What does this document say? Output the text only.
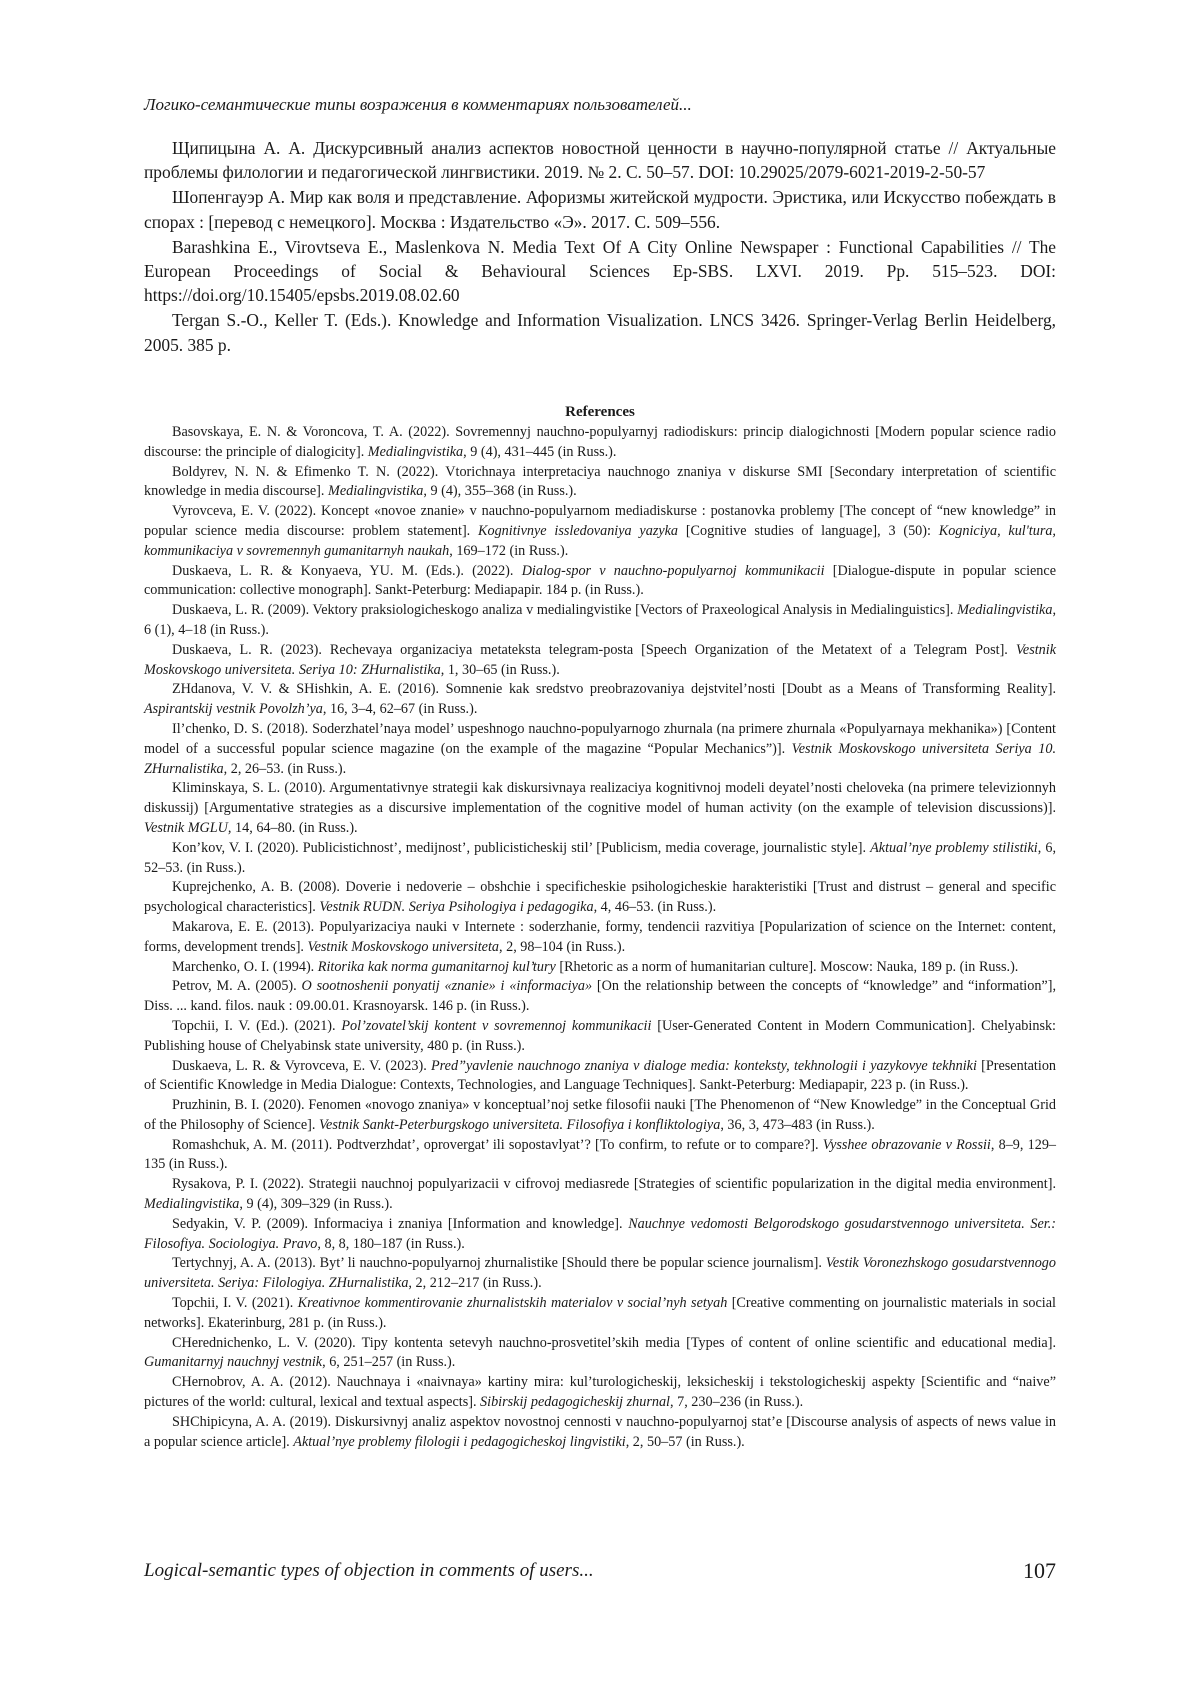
Логико-семантические типы возражения в комментариях пользователей...

Щипицына А. А. Дискурсивный анализ аспектов новостной ценности в научно-популярной статье // Актуальные проблемы филологии и педагогической лингвистики. 2019. № 2. С. 50–57. DOI: 10.29025/2079-6021-2019-2-50-57

Шопенгауэр А. Мир как воля и представление. Афоризмы житейской мудрости. Эристика, или Искусство побеждать в спорах : [перевод с немецкого]. Москва : Издательство «Э». 2017. С. 509–556.

Barashkina E., Virovtseva E., Maslenkova N. Media Text Of A City Online Newspaper : Functional Capabilities // The European Proceedings of Social & Behavioural Sciences Ep-SBS. LXVI. 2019. Pp. 515–523. DOI: https://doi.org/10.15405/epsbs.2019.08.02.60

Tergan S.-O., Keller T. (Eds.). Knowledge and Information Visualization. LNCS 3426. Springer-Verlag Berlin Heidelberg, 2005. 385 p.

References

Basovskaya, E. N. & Voroncova, T. A. (2022). Sovremennyj nauchno-populyarnyj radiodiskurs: princip dialogichnosti [Modern popular science radio discourse: the principle of dialogicity]. Medialingvistika, 9 (4), 431–445 (in Russ.).

Boldyrev, N. N. & Efimenko T. N. (2022). Vtorichnaya interpretaciya nauchnogo znaniya v diskurse SMI [Secondary interpretation of scientific knowledge in media discourse]. Medialingvistika, 9 (4), 355–368 (in Russ.).

Vyrovceva, E. V. (2022). Koncept «novoe znanie» v nauchno-populyarnom mediadiskurse : postanovka problemy [The concept of “new knowledge” in popular science media discourse: problem statement]. Kognitivnye issledovaniya yazyka [Cognitive studies of language], 3 (50): Kogniciya, kul'tura, kommunikaciya v sovremennyh gumanitarnyh naukah, 169–172 (in Russ.).

Duskaeva, L. R. & Konyaeva, YU. M. (Eds.). (2022). Dialog-spor v nauchno-populyarnoj kommunikacii [Dialogue-dispute in popular science communication: collective monograph]. Sankt-Peterburg: Mediapapir. 184 p. (in Russ.).

Duskaeva, L. R. (2009). Vektory praksiologicheskogo analiza v medialingvistike [Vectors of Praxeological Analysis in Medialinguistics]. Medialingvistika, 6 (1), 4–18 (in Russ.).

Duskaeva, L. R. (2023). Rechevaya organizaciya metateksta telegram-posta [Speech Organization of the Metatext of a Telegram Post]. Vestnik Moskovskogo universiteta. Seriya 10: ZHurnalistika, 1, 30–65 (in Russ.).

ZHdanova, V. V. & SHishkin, A. E. (2016). Somnenie kak sredstvo preobrazovaniya dejstvitel’nosti [Doubt as a Means of Transforming Reality]. Aspirantskij vestnik Povolzh’ya, 16, 3–4, 62–67 (in Russ.).

Il’chenko, D. S. (2018). Soderzhatel’naya model’ uspeshnogo nauchno-populyarnogo zhurnala (na primere zhurnala «Populyarnaya mekhanika») [Content model of a successful popular science magazine (on the example of the magazine “Popular Mechanics”)]. Vestnik Moskovskogo universiteta Seriya 10. ZHurnalistika, 2, 26–53. (in Russ.).

Kliminskaya, S. L. (2010). Argumentativnye strategii kak diskursivnaya realizaciya kognitivnoj modeli deyatel’nosti cheloveka (na primere televizionnyh diskussij) [Argumentative strategies as a discursive implementation of the cognitive model of human activity (on the example of television discussions)]. Vestnik MGLU, 14, 64–80. (in Russ.).

Kon’kov, V. I. (2020). Publicistichnost’, medijnost’, publicisticheskij stil’ [Publicism, media coverage, journalistic style]. Aktual’nye problemy stilistiki, 6, 52–53. (in Russ.).

Kuprejchenko, A. B. (2008). Doverie i nedoverie – obshchie i specificheskie psihologicheskie harakteristiki [Trust and distrust – general and specific psychological characteristics]. Vestnik RUDN. Seriya Psihologiya i pedagogika, 4, 46–53. (in Russ.).

Makarova, E. E. (2013). Populyarizaciya nauki v Internete : soderzhanie, formy, tendencii razvitiya [Popularization of science on the Internet: content, forms, development trends]. Vestnik Moskovskogo universiteta, 2, 98–104 (in Russ.).

Marchenko, O. I. (1994). Ritorika kak norma gumanitarnoj kul’tury [Rhetoric as a norm of humanitarian culture]. Moscow: Nauka, 189 p. (in Russ.).

Petrov, M. A. (2005). O sootnoshenii ponyatij «znanie» i «informaciya» [On the relationship between the concepts of “knowledge” and “information”], Diss. ... kand. filos. nauk : 09.00.01. Krasnoyarsk. 146 p. (in Russ.).

Topchii, I. V. (Ed.). (2021). Pol’zovatel’skij kontent v sovremennoj kommunikacii [User-Generated Content in Modern Communication]. Chelyabinsk: Publishing house of Chelyabinsk state university, 480 p. (in Russ.).

Duskaeva, L. R. & Vyrovceva, E. V. (2023). Pred”yavlenie nauchnogo znaniya v dialoge media: konteksty, tekhnologii i yazykovye tekhniki [Presentation of Scientific Knowledge in Media Dialogue: Contexts, Technologies, and Language Techniques]. Sankt-Peterburg: Mediapapir, 223 p. (in Russ.).

Pruzhinin, B. I. (2020). Fenomen «novogo znaniya» v konceptual’noj setke filosofii nauki [The Phenomenon of “New Knowledge” in the Conceptual Grid of the Philosophy of Science]. Vestnik Sankt-Peterburgskogo universiteta. Filosofiya i konfliktologiya, 36, 3, 473–483 (in Russ.).

Romashchuk, A. M. (2011). Podtverzhdat’, oprovergat’ ili sopostavlyat’? [To confirm, to refute or to compare?]. Vysshee obrazovanie v Rossii, 8–9, 129–135 (in Russ.).

Rysakova, P. I. (2022). Strategii nauchnoj populyarizacii v cifrovoj mediasrede [Strategies of scientific popularization in the digital media environment]. Medialingvistika, 9 (4), 309–329 (in Russ.).

Sedyakin, V. P. (2009). Informaciya i znaniya [Information and knowledge]. Nauchnye vedomosti Belgorodskogo gosudarstvennogo universiteta. Ser.: Filosofiya. Sociologiya. Pravo, 8, 8, 180–187 (in Russ.).

Tertychnyj, A. A. (2013). Byt’ li nauchno-populyarnoj zhurnalistike [Should there be popular science journalism]. Vestik Voronezhskogo gosudarstvennogo universiteta. Seriya: Filologiya. ZHurnalistika, 2, 212–217 (in Russ.).

Topchii, I. V. (2021). Kreativnoe kommentirovanie zhurnalistskih materialov v social’nyh setyah [Creative commenting on journalistic materials in social networks]. Ekaterinburg, 281 p. (in Russ.).

CHerednichenko, L. V. (2020). Tipy kontenta setevyh nauchno-prosvetitel’skih media [Types of content of online scientific and educational media]. Gumanitarnyj nauchnyj vestnik, 6, 251–257 (in Russ.).

CHernobrov, A. A. (2012). Nauchnaya i «naivnaya» kartiny mira: kul’turologicheskij, leksicheskij i tekstologicheskij aspekty [Scientific and “naive” pictures of the world: cultural, lexical and textual aspects]. Sibirskij pedagogicheskij zhurnal, 7, 230–236 (in Russ.).

SHChipicyna, A. A. (2019). Diskursivnyj analiz aspektov novostnoj cennosti v nauchno-populyarnoj stat’e [Discourse analysis of aspects of news value in a popular science article]. Aktual’nye problemy filologii i pedagogicheskoj lingvistiki, 2, 50–57 (in Russ.).

Logical-semantic types of objection in comments of users...	107
